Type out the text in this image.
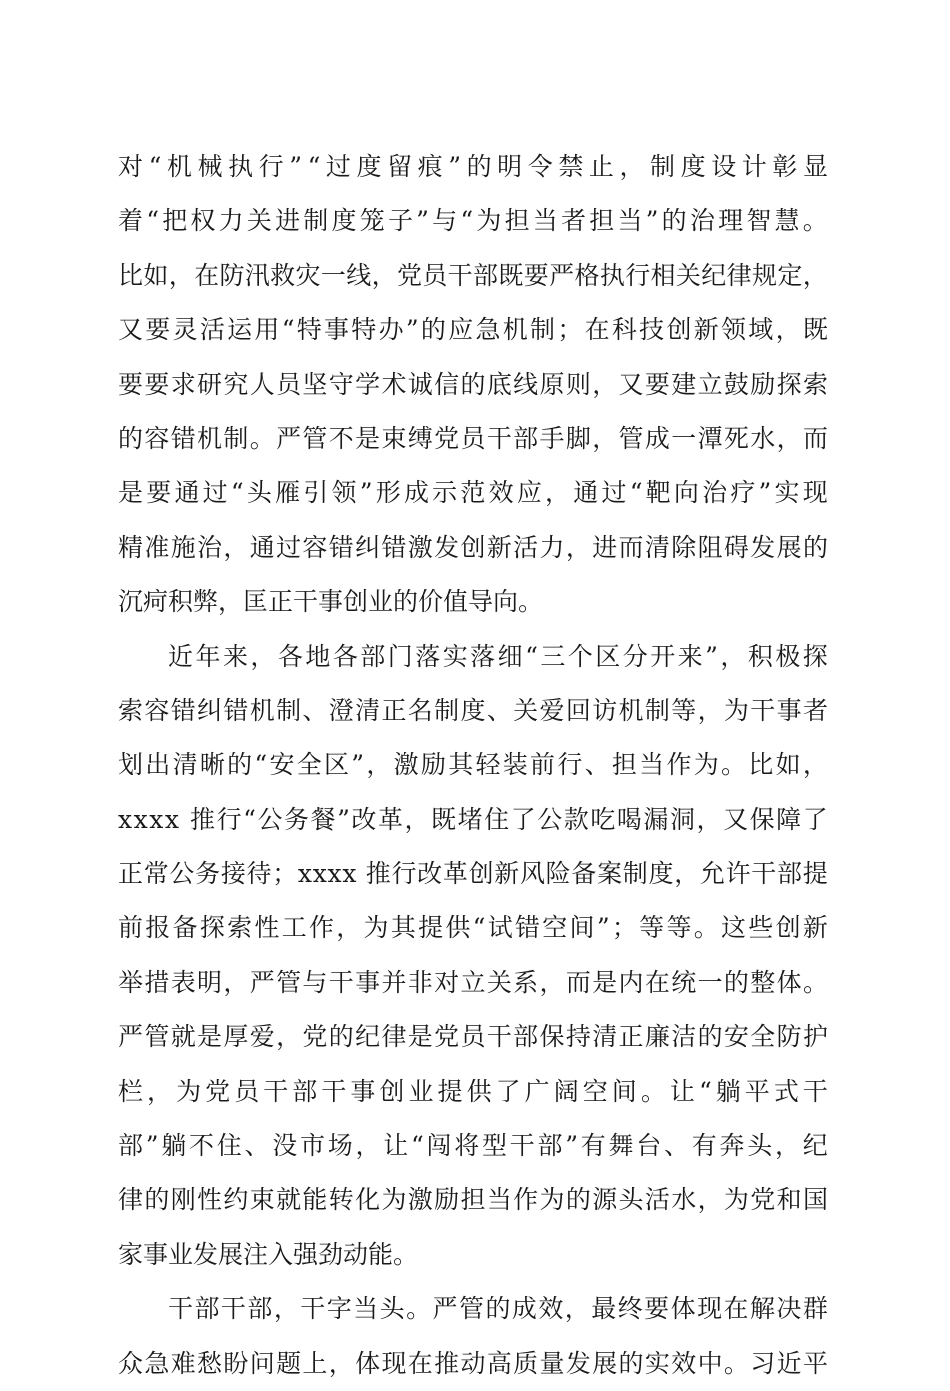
对 “ 机 械 执 行 ” “ 过 度 留 痕 ” 的 明 令 禁 止 ， 制 度 设 计 彰 显
着 “ 把 权 力 关 进 制 度 笼 子 ” 与 “ 为 担 当 者 担 当 ” 的 治 理 智 慧 。
比 如 ， 在 防 汛 救 灾 一 线 ， 党 员 干 部 既 要 严 格 执 行 相 关 纪 律 规 定 ，
又 要 灵 活 运 用 “ 特 事 特 办 ” 的 应 急 机 制 ； 在 科 技 创 新 领 域 ， 既
要 要 求 研 究 人 员 坚 守 学 术 诚 信 的 底 线 原 则 ， 又 要 建 立 鼓 励 探 索
的 容 错 机 制 。 严 管 不 是 束 缚 党 员 干 部 手 脚 ， 管 成 一 潭 死 水 ， 而
是 要 通 过 “ 头 雁 引 领 ” 形 成 示 范 效 应 ， 通 过 “ 靶 向 治 疗 ” 实 现
精 准 施 治 ， 通 过 容 错 纠 错 激 发 创 新 活 力 ， 进 而 清 除 阻 碍 发 展 的
沉疴积弊，匡正干事创业的价值导向。
近 年 来 ， 各 地 各 部 门 落 实 落 细 “ 三 个 区 分 开 来 ” ， 积 极 探
索 容 错 纠 错 机 制 、 澄 清 正 名 制 度 、 关 爱 回 访 机 制 等 ， 为 干 事 者
划 出 清 晰 的 “ 安 全 区 ” ， 激 励 其 轻 装 前 行 、 担 当 作 为 。 比 如 ，
x x x x
推 行 “ 公 务 餐 ” 改 革 ， 既 堵 住 了 公 款 吃 喝 漏 洞 ， 又 保 障 了
正 常 公 务 接 待 ； x x x x
推 行 改 革 创 新 风 险 备 案 制 度 ， 允 许 干 部 提
前 报 备 探 索 性 工 作 ， 为 其 提 供 “ 试 错 空 间 ” ； 等 等 。 这 些 创 新
举 措 表 明 ， 严 管 与 干 事 并 非 对 立 关 系 ， 而 是 内 在 统 一 的 整 体 。
严 管 就 是 厚 爱 ， 党 的 纪 律 是 党 员 干 部 保 持 清 正 廉 洁 的 安 全 防 护
栏 ， 为 党 员 干 部 干 事 创 业 提 供 了 广 阔 空 间 。 让 “ 躺 平 式 干
部 ” 躺 不 住 、 没 市 场 ， 让 “ 闯 将 型 干 部 ” 有 舞 台 、 有 奔 头 ， 纪
律 的 刚 性 约 束 就 能 转 化 为 激 励 担 当 作 为 的 源 头 活 水 ， 为 党 和 国
家事业发展注入强劲动能。
干 部 干 部 ， 干 字 当 头 。 严 管 的 成 效 ， 最 终 要 体 现 在 解 决 群
众 急 难 愁 盼 问 题 上 ， 体 现 在 推 动 高 质 量 发 展 的 实 效 中 。 习 近 平
